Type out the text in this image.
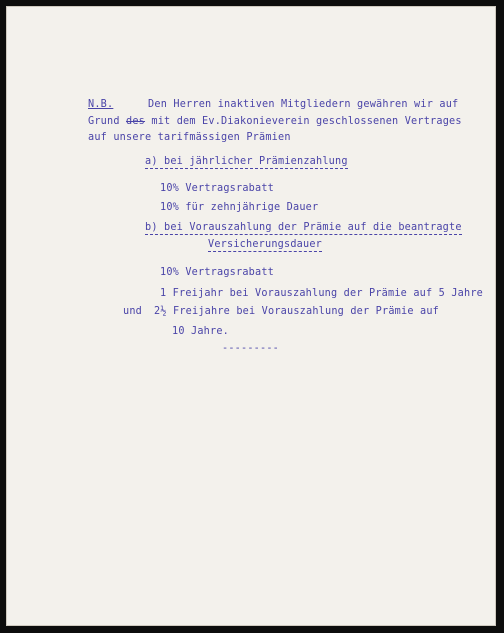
N.B.	Den Herren inaktiven Mitgliedern gewähren wir auf
Grund des mit dem Ev.Diakonieverein geschlossenen Vertrages
auf unsere tarifmässigen Prämien
a) bei jährlicher Prämienzahlung
10% Vertragsrabatt
10% für zehnjährige Dauer
b) bei Vorauszahlung der Prämie auf die beantragte
Versicherungsdauer
10% Vertragsrabatt
1 Freijahr bei Vorauszahlung der Prämie auf 5 Jahre
und 2½ Freijahre bei Vorauszahlung der Prämie auf
10 Jahre.
---------
